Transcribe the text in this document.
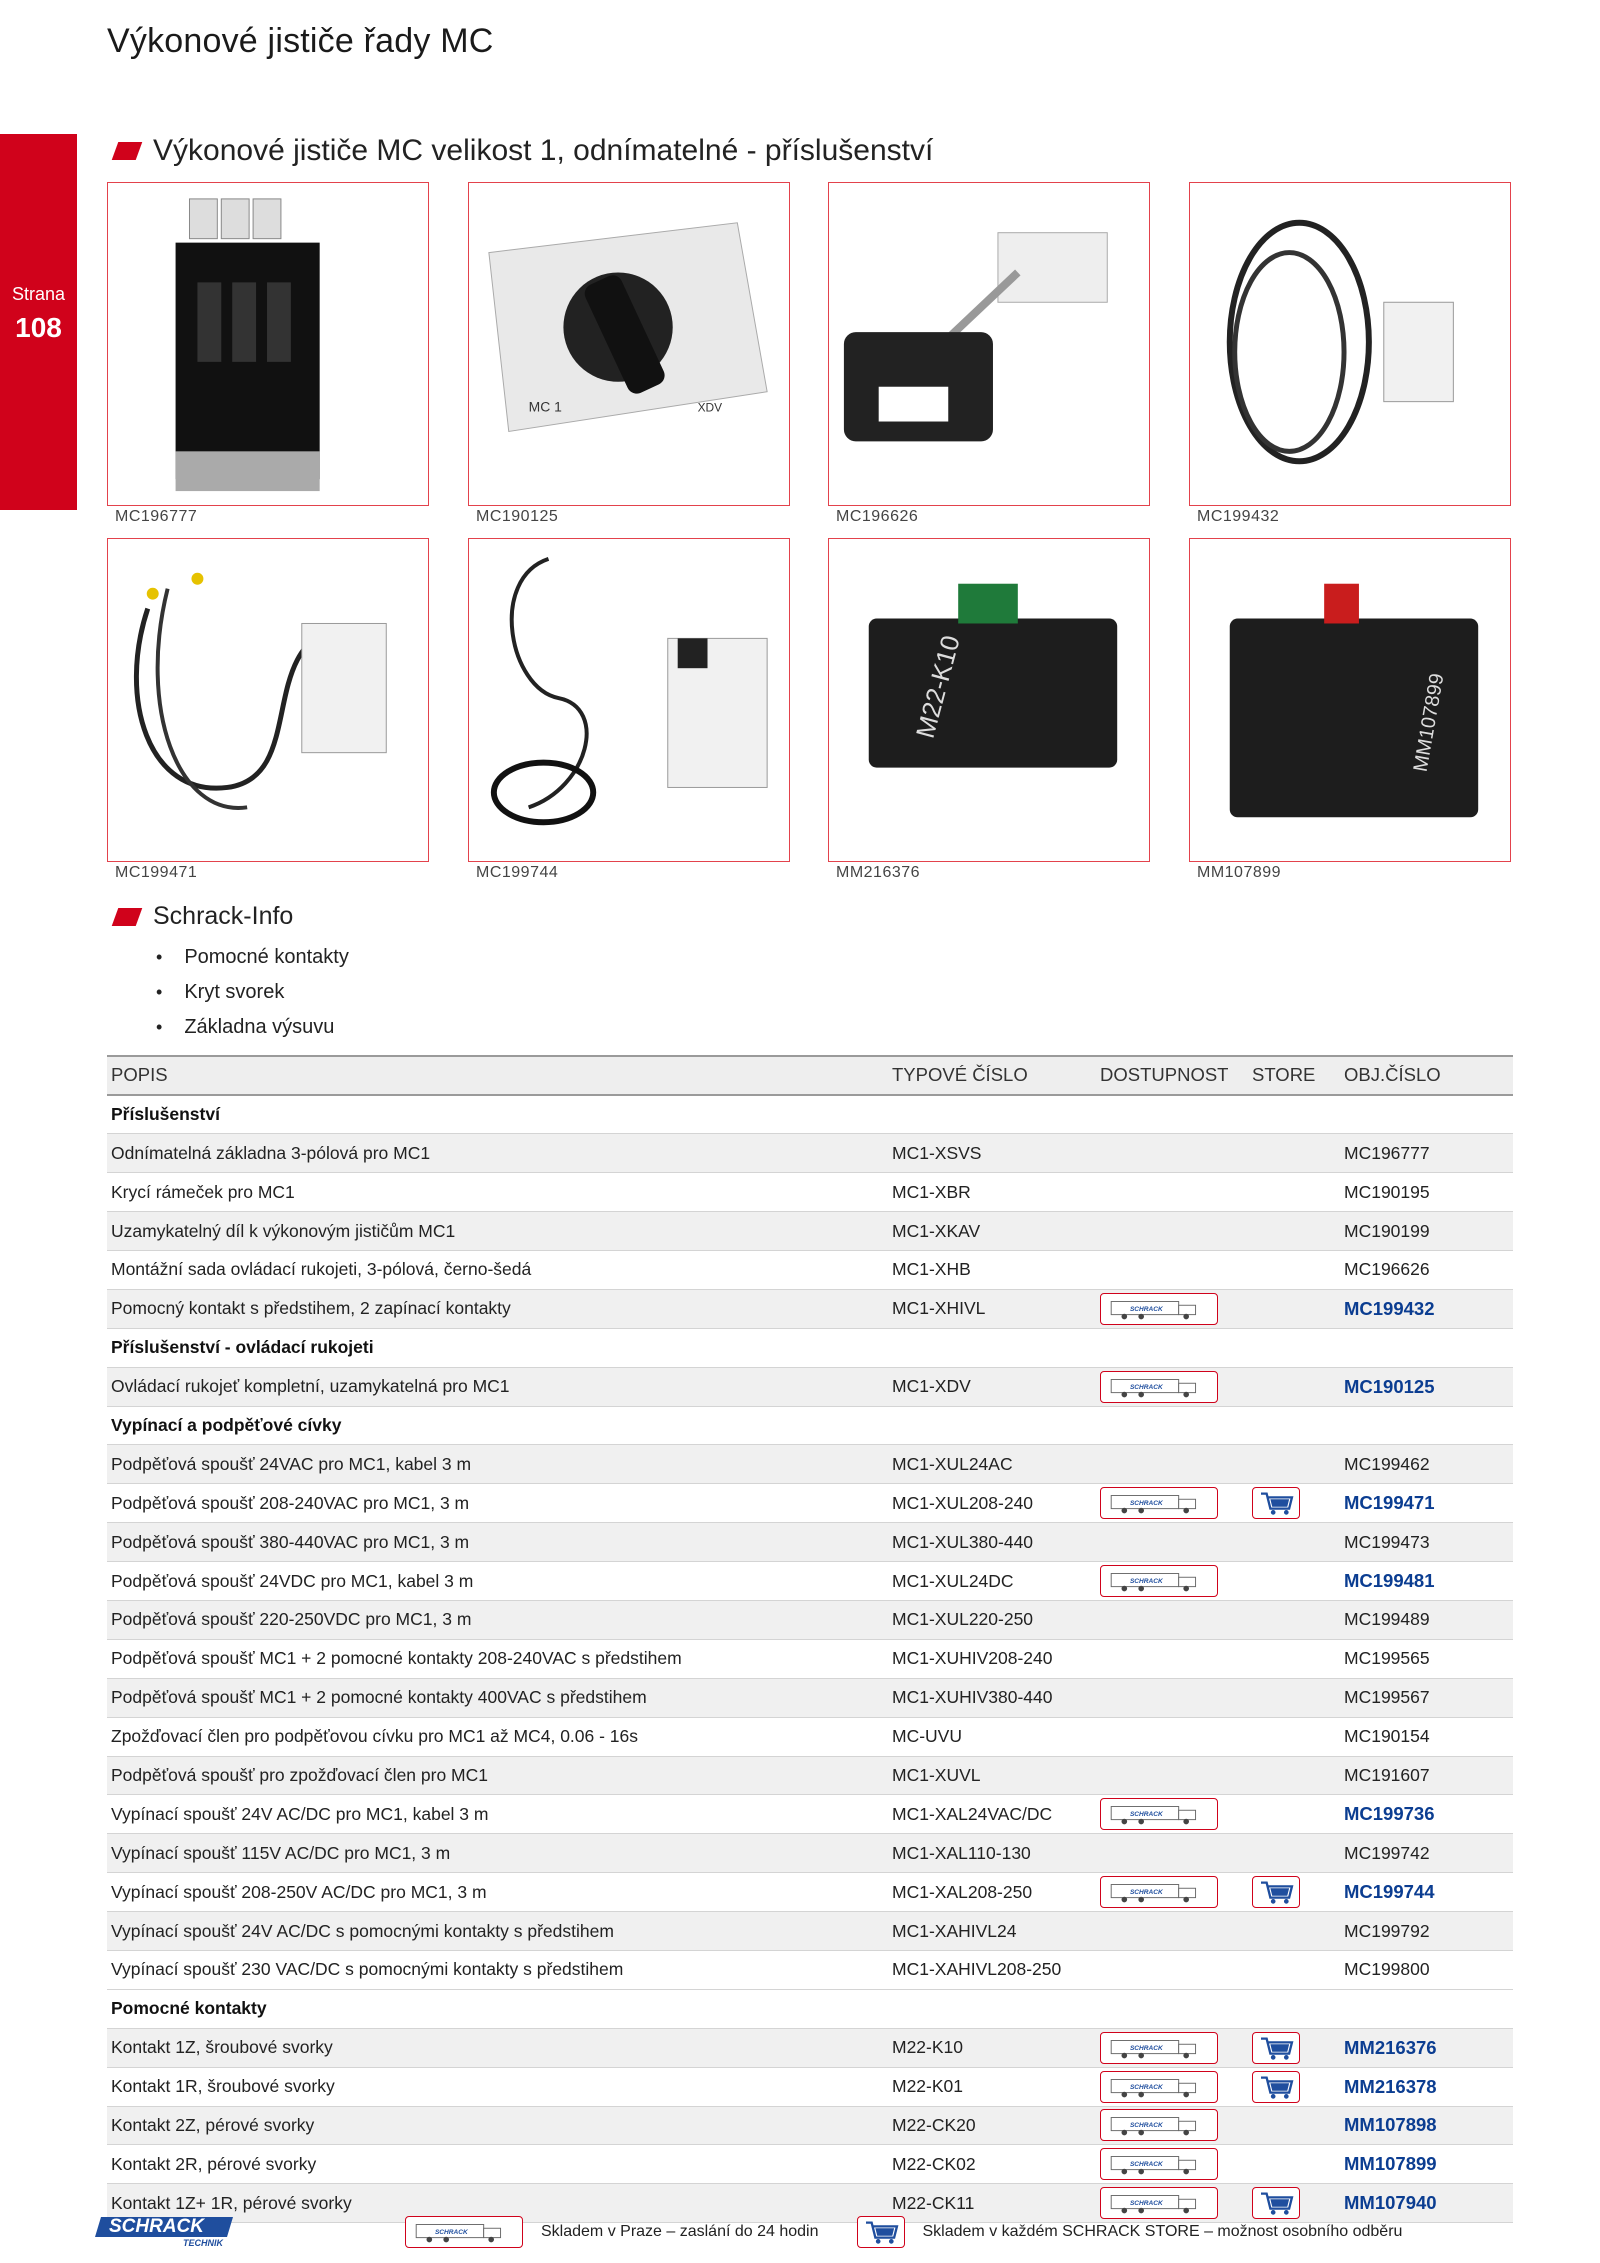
Výkonové jističe řady MC
Strana
108
Výkonové jističe MC velikost 1, odnímatelné - příslušenství
MC 1	XDV
M22-K10	MM107899
MC196777	MC190125	MC196626	MC199432
MC199471	MC199744	MM216376	MM107899
Schrack-Info
• Pomocné kontakty
• Kryt svorek
• Základna výsuvu
POPIS	TYPOVÉ ČÍSLO	DOSTUPNOST	STORE	OBJ.ČÍSLO
Příslušenství				
Odnímatelná základna 3-pólová pro MC1	MC1-XSVS			MC196777
Krycí rámeček pro MC1	MC1-XBR			MC190195
Uzamykatelný díl k výkonovým jističům MC1	MC1-XKAV			MC190199
Montážní sada ovládací rukojeti, 3-pólová, černo-šedá	MC1-XHB			MC196626
Pomocný kontakt s předstihem, 2 zapínací kontakty	MC1-XHIVL	SCHRACK		MC199432
Příslušenství - ovládací rukojeti				
Ovládací rukojeť kompletní, uzamykatelná pro MC1	MC1-XDV	SCHRACK		MC190125
Vypínací a podpěťové cívky				
Podpěťová spoušť 24VAC pro MC1, kabel 3 m	MC1-XUL24AC			MC199462
Podpěťová spoušť 208-240VAC pro MC1, 3 m	MC1-XUL208-240	SCHRACK		MC199471
Podpěťová spoušť 380-440VAC pro MC1, 3 m	MC1-XUL380-440			MC199473
Podpěťová spoušť 24VDC pro MC1, kabel 3 m	MC1-XUL24DC	SCHRACK		MC199481
Podpěťová spoušť 220-250VDC pro MC1, 3 m	MC1-XUL220-250			MC199489
Podpěťová spoušť MC1 + 2 pomocné kontakty 208-240VAC s předstihem	MC1-XUHIV208-240			MC199565
Podpěťová spoušť MC1 + 2 pomocné kontakty 400VAC s předstihem	MC1-XUHIV380-440			MC199567
Zpožďovací člen pro podpěťovou cívku pro MC1 až MC4, 0.06 - 16s	MC-UVU			MC190154
Podpěťová spoušť pro zpožďovací člen pro MC1	MC1-XUVL			MC191607
Vypínací spoušť 24V AC/DC pro MC1, kabel 3 m	MC1-XAL24VAC/DC	SCHRACK		MC199736
Vypínací spoušť 115V AC/DC pro MC1, 3 m	MC1-XAL110-130			MC199742
Vypínací spoušť 208-250V AC/DC pro MC1, 3 m	MC1-XAL208-250	SCHRACK		MC199744
Vypínací spoušť 24V AC/DC s pomocnými kontakty s předstihem	MC1-XAHIVL24			MC199792
Vypínací spoušť 230 VAC/DC s pomocnými kontakty s předstihem	MC1-XAHIVL208-250			MC199800
Pomocné kontakty				
Kontakt 1Z, šroubové svorky	M22-K10	SCHRACK		MM216376
Kontakt 1R, šroubové svorky	M22-K01	SCHRACK		MM216378
Kontakt 2Z, pérové svorky	M22-CK20	SCHRACK		MM107898
Kontakt 2R, pérové svorky	M22-CK02	SCHRACK		MM107899
Kontakt 1Z+ 1R, pérové svorky	M22-CK11	SCHRACK		MM107940
SCHRACK
TECHNIK
SCHRACK	Skladem v Praze – zaslání do 24 hodin	Skladem v každém SCHRACK STORE – možnost osobního odběru
